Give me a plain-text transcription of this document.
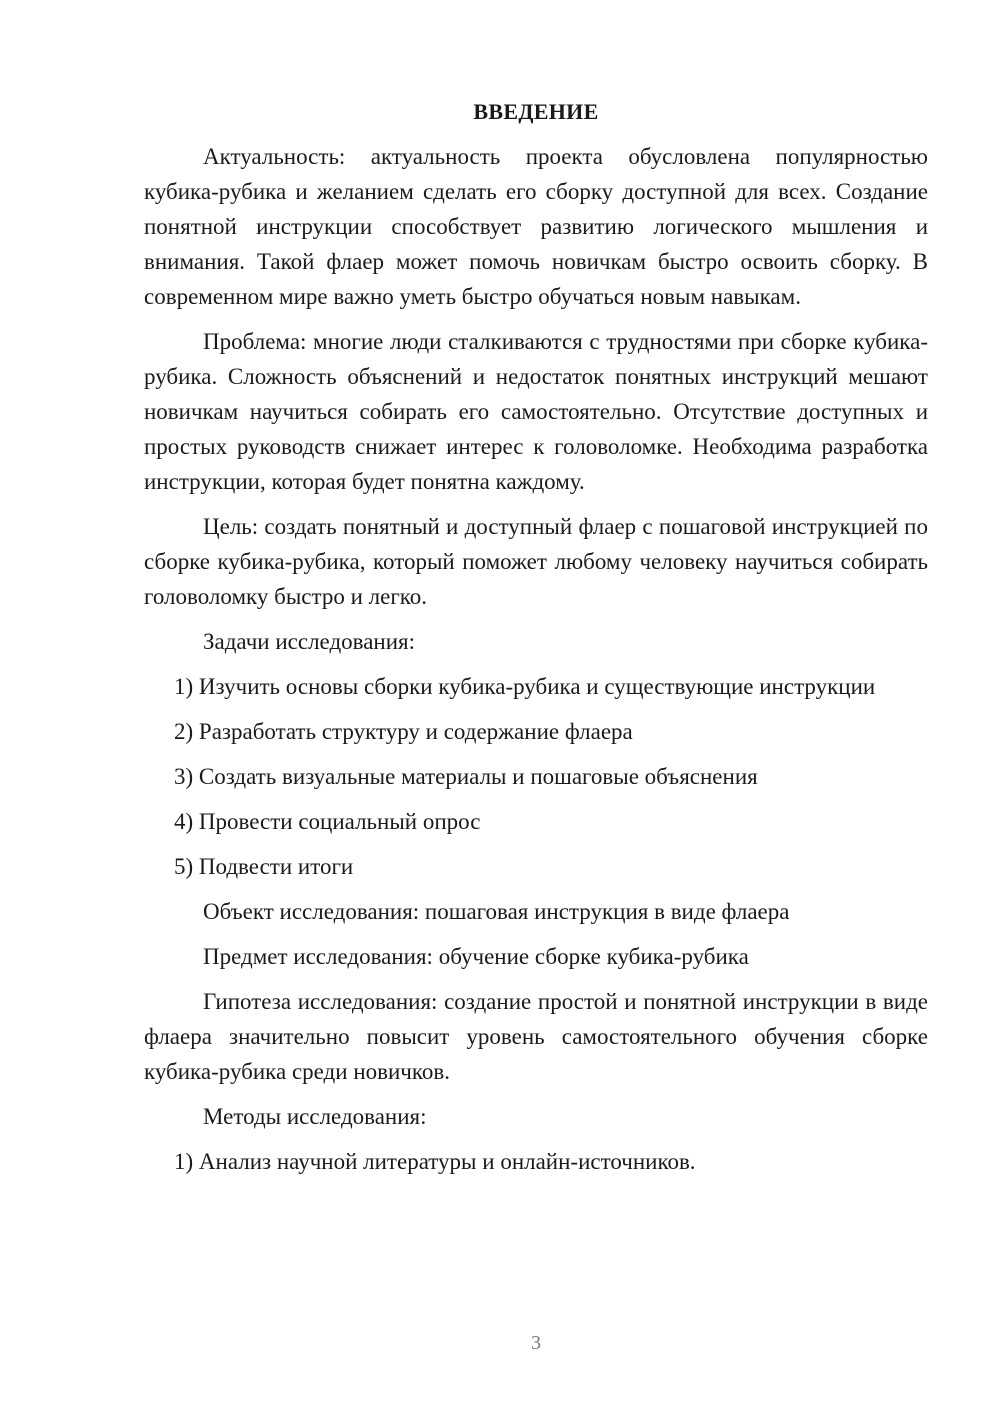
ВВЕДЕНИЕ

Актуальность: актуальность проекта обусловлена популярностью кубика-рубика и желанием сделать его сборку доступной для всех. Создание понятной инструкции способствует развитию логического мышления и внимания. Такой флаер может помочь новичкам быстро освоить сборку. В современном мире важно уметь быстро обучаться новым навыкам.

Проблема: многие люди сталкиваются с трудностями при сборке кубика-рубика. Сложность объяснений и недостаток понятных инструкций мешают новичкам научиться собирать его самостоятельно. Отсутствие доступных и простых руководств снижает интерес к головоломке. Необходима разработка инструкции, которая будет понятна каждому.

Цель: создать понятный и доступный флаер с пошаговой инструкцией по сборке кубика-рубика, который поможет любому человеку научиться собирать головоломку быстро и легко.

Задачи исследования:

1) Изучить основы сборки кубика-рубика и существующие инструкции

2) Разработать структуру и содержание флаера

3) Создать визуальные материалы и пошаговые объяснения

4) Провести социальный опрос

5) Подвести итоги

Объект исследования: пошаговая инструкция в виде флаера

Предмет исследования: обучение сборке кубика-рубика

Гипотеза исследования: создание простой и понятной инструкции в виде флаера значительно повысит уровень самостоятельного обучения сборке кубика-рубика среди новичков.

Методы исследования:

1) Анализ научной литературы и онлайн-источников.

3
